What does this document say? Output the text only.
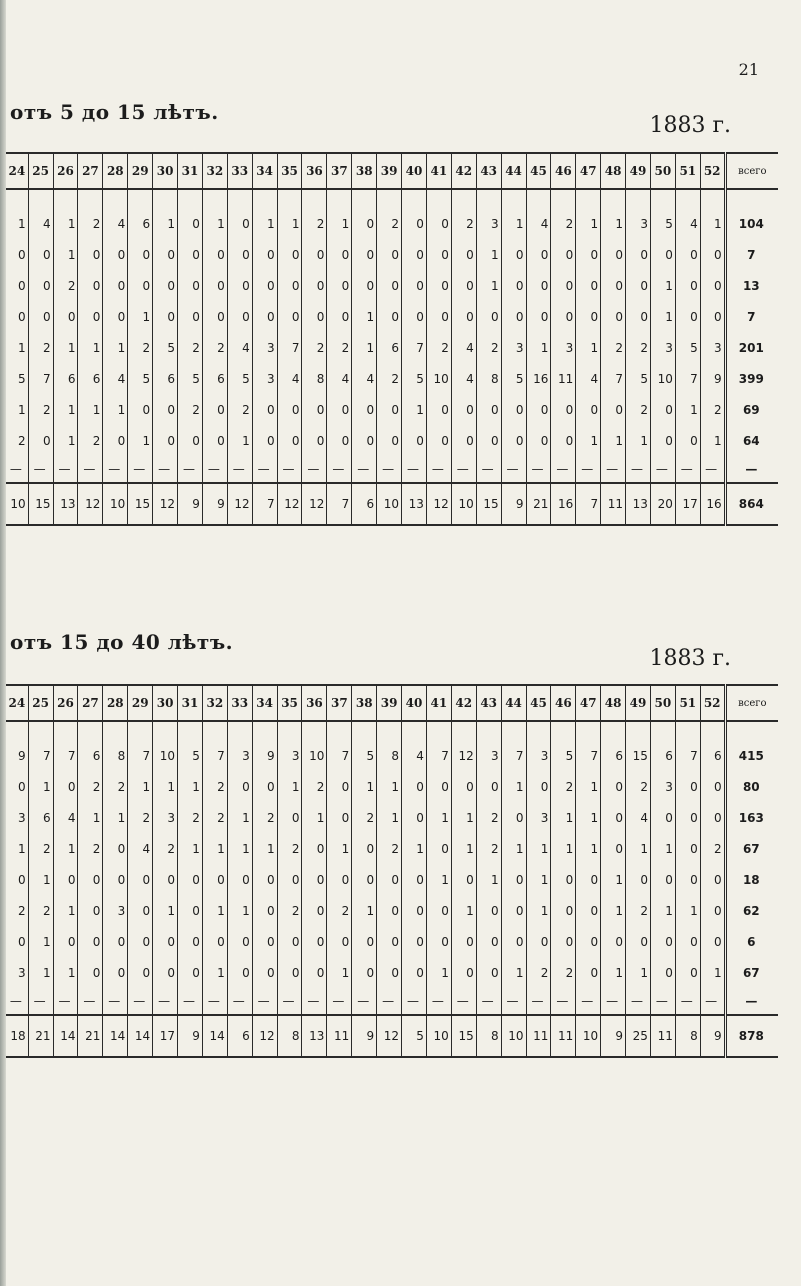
21
отъ 5 до 15 лѣтъ.
1883 г.
24	25	26	27	28	29	30	31	32	33	34	35	36	37	38	39	40	41	42	43	44	45	46	47	48	49	50	51	52	всего

1	4	1	2	4	6	1	0	1	0	1	1	2	1	0	2	0	0	2	3	1	4	2	1	1	3	5	4	1	104
0	0	1	0	0	0	0	0	0	0	0	0	0	0	0	0	0	0	0	1	0	0	0	0	0	0	0	0	0	7
0	0	2	0	0	0	0	0	0	0	0	0	0	0	0	0	0	0	0	1	0	0	0	0	0	0	1	0	0	13
0	0	0	0	0	1	0	0	0	0	0	0	0	0	1	0	0	0	0	0	0	0	0	0	0	0	1	0	0	7
1	2	1	1	1	2	5	2	2	4	3	7	2	2	1	6	7	2	4	2	3	1	3	1	2	2	3	5	3	201
5	7	6	6	4	5	6	5	6	5	3	4	8	4	4	2	5	10	4	8	5	16	11	4	7	5	10	7	9	399
1	2	1	1	1	0	0	2	0	2	0	0	0	0	0	0	1	0	0	0	0	0	0	0	0	2	0	1	2	69
2	0	1	2	0	1	0	0	0	1	0	0	0	0	0	0	0	0	0	0	0	0	0	1	1	1	0	0	1	64
—	—	—	—	—	—	—	—	—	—	—	—	—	—	—	—	—	—	—	—	—	—	—	—	—	—	—	—	—	—
10	15	13	12	10	15	12	9	9	12	7	12	12	7	6	10	13	12	10	15	9	21	16	7	11	13	20	17	16	864
отъ 15 до 40 лѣтъ.
1883 г.
24	25	26	27	28	29	30	31	32	33	34	35	36	37	38	39	40	41	42	43	44	45	46	47	48	49	50	51	52	всего

9	7	7	6	8	7	10	5	7	3	9	3	10	7	5	8	4	7	12	3	7	3	5	7	6	15	6	7	6	415
0	1	0	2	2	1	1	1	2	0	0	1	2	0	1	1	0	0	0	0	1	0	2	1	0	2	3	0	0	80
3	6	4	1	1	2	3	2	2	1	2	0	1	0	2	1	0	1	1	2	0	3	1	1	0	4	0	0	0	163
1	2	1	2	0	4	2	1	1	1	1	2	0	1	0	2	1	0	1	2	1	1	1	1	0	1	1	0	2	67
0	1	0	0	0	0	0	0	0	0	0	0	0	0	0	0	0	1	0	1	0	1	0	0	1	0	0	0	0	18
2	2	1	0	3	0	1	0	1	1	0	2	0	2	1	0	0	0	1	0	0	1	0	0	1	2	1	1	0	62
0	1	0	0	0	0	0	0	0	0	0	0	0	0	0	0	0	0	0	0	0	0	0	0	0	0	0	0	0	6
3	1	1	0	0	0	0	0	1	0	0	0	0	1	0	0	0	1	0	0	1	2	2	0	1	1	0	0	1	67
—	—	—	—	—	—	—	—	—	—	—	—	—	—	—	—	—	—	—	—	—	—	—	—	—	—	—	—	—	—
18	21	14	21	14	14	17	9	14	6	12	8	13	11	9	12	5	10	15	8	10	11	11	10	9	25	11	8	9	878
